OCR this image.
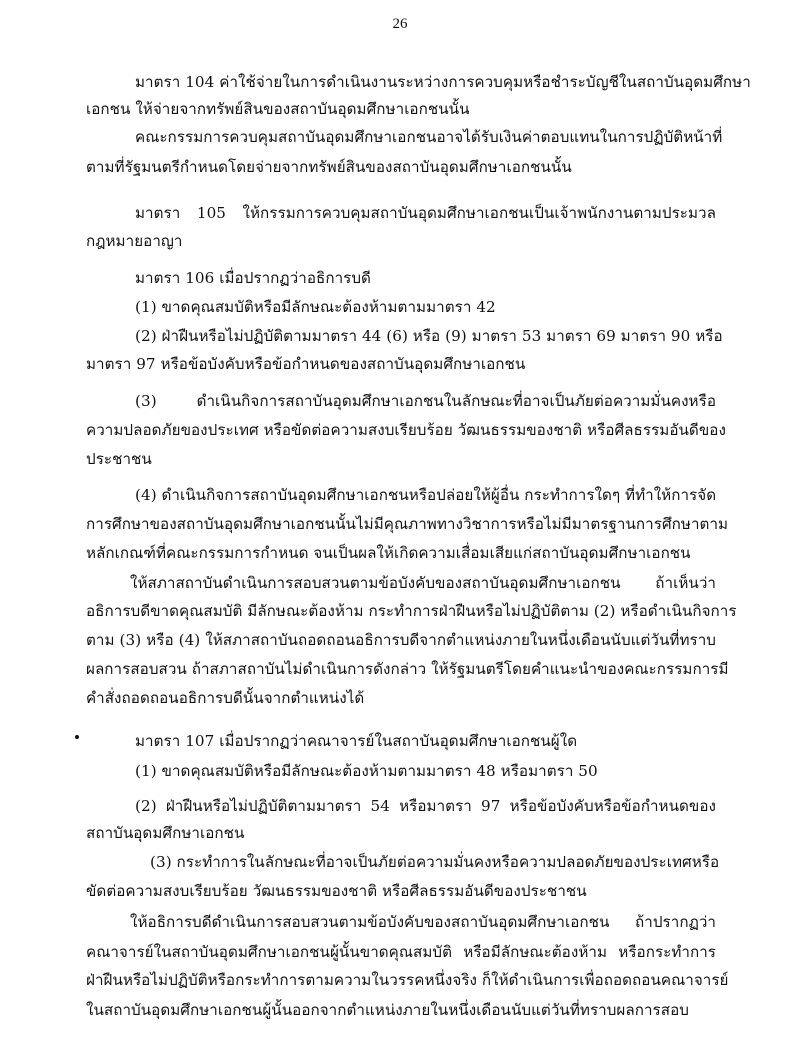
26
มาตรา 104 ค่าใช้จ่ายในการดำเนินงานระหว่างการควบคุมหรือชำระบัญชีในสถาบันอุดมศึกษา
เอกชน ให้จ่ายจากทรัพย์สินของสถาบันอุดมศึกษาเอกชนนั้น
คณะกรรมการควบคุมสถาบันอุดมศึกษาเอกชนอาจได้รับเงินค่าตอบแทนในการปฏิบัติหน้าที่
ตามที่รัฐมนตรีกำหนดโดยจ่ายจากทรัพย์สินของสถาบันอุดมศึกษาเอกชนนั้น
มาตรา 105 ให้กรรมการควบคุมสถาบันอุดมศึกษาเอกชนเป็นเจ้าพนักงานตามประมวล
กฎหมายอาญา
มาตรา 106 เมื่อปรากฏว่าอธิการบดี
(1) ขาดคุณสมบัติหรือมีลักษณะต้องห้ามตามมาตรา 42
(2) ฝ่าฝืนหรือไม่ปฏิบัติตามมาตรา 44 (6) หรือ (9) มาตรา 53 มาตรา 69 มาตรา 90 หรือ
มาตรา 97 หรือข้อบังคับหรือข้อกำหนดของสถาบันอุดมศึกษาเอกชน
(3) ดำเนินกิจการสถาบันอุดมศึกษาเอกชนในลักษณะที่อาจเป็นภัยต่อความมั่นคงหรือ
ความปลอดภัยของประเทศ หรือขัดต่อความสงบเรียบร้อย วัฒนธรรมของชาติ หรือศีลธรรมอันดีของ
ประชาชน
(4) ดำเนินกิจการสถาบันอุดมศึกษาเอกชนหรือปล่อยให้ผู้อื่น กระทำการใดๆ ที่ทำให้การจัด
การศึกษาของสถาบันอุดมศึกษาเอกชนนั้นไม่มีคุณภาพทางวิชาการหรือไม่มีมาตรฐานการศึกษาตาม
หลักเกณฑ์ที่คณะกรรมการกำหนด จนเป็นผลให้เกิดความเสื่อมเสียแก่สถาบันอุดมศึกษาเอกชน
ให้สภาสถาบันดำเนินการสอบสวนตามข้อบังคับของสถาบันอุดมศึกษาเอกชน ถ้าเห็นว่า
อธิการบดีขาดคุณสมบัติ มีลักษณะต้องห้าม กระทำการฝ่าฝืนหรือไม่ปฏิบัติตาม (2) หรือดำเนินกิจการ
ตาม (3) หรือ (4) ให้สภาสถาบันถอดถอนอธิการบดีจากตำแหน่งภายในหนึ่งเดือนนับแต่วันที่ทราบ
ผลการสอบสวน ถ้าสภาสถาบันไม่ดำเนินการดังกล่าว ให้รัฐมนตรีโดยคำแนะนำของคณะกรรมการมี
คำสั่งถอดถอนอธิการบดีนั้นจากตำแหน่งได้
มาตรา 107 เมื่อปรากฏว่าคณาจารย์ในสถาบันอุดมศึกษาเอกชนผู้ใด
(1) ขาดคุณสมบัติหรือมีลักษณะต้องห้ามตามมาตรา 48 หรือมาตรา 50
(2) ฝ่าฝืนหรือไม่ปฏิบัติตามมาตรา 54 หรือมาตรา 97 หรือข้อบังคับหรือข้อกำหนดของ
สถาบันอุดมศึกษาเอกชน
(3) กระทำการในลักษณะที่อาจเป็นภัยต่อความมั่นคงหรือความปลอดภัยของประเทศหรือ
ขัดต่อความสงบเรียบร้อย วัฒนธรรมของชาติ หรือศีลธรรมอันดีของประชาชน
ให้อธิการบดีดำเนินการสอบสวนตามข้อบังคับของสถาบันอุดมศึกษาเอกชน ถ้าปรากฏว่า
คณาจารย์ในสถาบันอุดมศึกษาเอกชนผู้นั้นขาดคุณสมบัติ หรือมีลักษณะต้องห้าม หรือกระทำการ
ฝ่าฝืนหรือไม่ปฏิบัติหรือกระทำการตามความในวรรคหนึ่งจริง ก็ให้ดำเนินการเพื่อถอดถอนคณาจารย์
ในสถาบันอุดมศึกษาเอกชนผู้นั้นออกจากตำแหน่งภายในหนึ่งเดือนนับแต่วันที่ทราบผลการสอบ
